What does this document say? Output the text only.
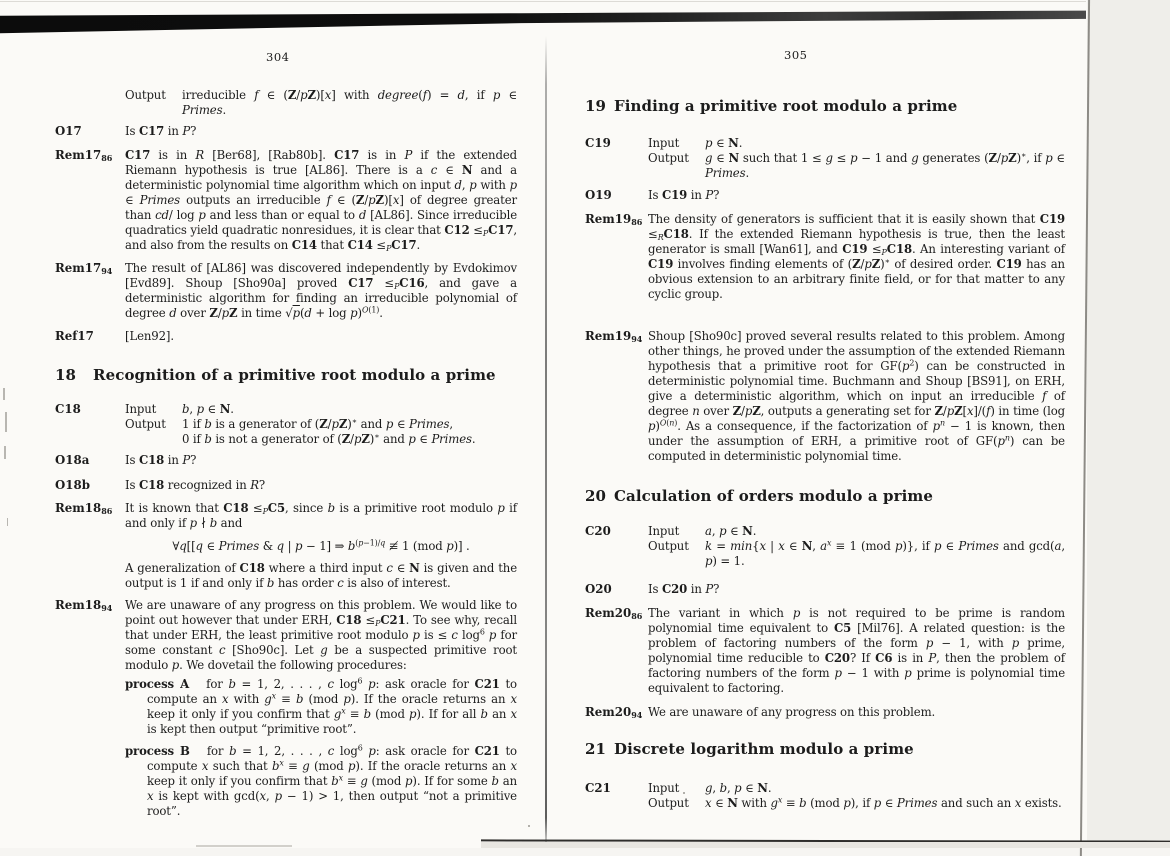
304
Output	irreducible f ∈ (Z/pZ)[x] with degree(f) = d, if p ∈ Primes.
O17	Is C17 in P?
$Rem17_{86}$	C17 is in R [Ber68], [Rab80b]. C17 is in P if the extended Riemann hypothesis is true [AL86]. There is a c ∈ N and a deterministic polynomial time algorithm which on input d, p with p ∈ Primes outputs an irreducible f ∈ (Z/pZ)[x] of degree greater than cd/ log p and less than or equal to d [AL86]. Since irreducible quadratics yield quadratic nonresidues, it is clear that $C12 \le_PC17$, and also from the results on C14 that $C14 \le_PC17$.
$Rem17_{94}$	The result of [AL86] was discovered independently by Evdokimov [Evd89]. Shoup [Sho90a] proved $C17 \le_PC16$, and gave a deterministic algorithm for finding an irreducible polynomial of degree d over Z/pZ in time $√p(d + \log p)^{O(1)}$.
Ref17	[Len92].
18 Recognition of a primitive root modulo a prime
C18	Input	b, p ∈ N.
Output	1 if b is a generator of (Z/pZ)∗ and p ∈ Primes,
0 if b is not a generator of (Z/pZ)∗ and p ∈ Primes.
O18a	Is C18 in P?
O18b	Is C18 recognized in R?
$Rem18_{86}$	It is known that $C18 \le_PC5$, since b is a primitive root modulo p if and only if p ∤ b and

∀q[[q ∈ Primes & q | p − 1] ⇒ $b^{(p-1)/q}$ ≢ 1 (mod p)] .

A generalization of C18 where a third input c ∈ N is given and the output is 1 if and only if b has order c is also of interest.

$Rem18_{94}$	We are unaware of any progress on this problem. We would like to point out however that under ERH, $C18 \le_PC21$. To see why, recall that under ERH, the least primitive root modulo p is ≤ c $\log^6 p$ for some constant c [Sho90c]. Let g be a suspected primitive root modulo p. We dovetail the following procedures:

process A   for b = 1, 2, . . . , c $\log^6 p$: ask oracle for C21 to compute an x with $g^x \equiv b$ (mod p). If the oracle returns an x keep it only if you confirm that $g^x \equiv b$ (mod p). If for all b an x is kept then output “primitive root”.

process B   for b = 1, 2, . . . , c $\log^6 p$: ask oracle for C21 to compute x such that $b^x \equiv g$ (mod p). If the oracle returns an x keep it only if you confirm that $b^x \equiv g$ (mod p). If for some b an x is kept with gcd(x, p − 1) > 1, then output “not a primitive root”.

305
19 Finding a primitive root modulo a prime
C19	Input	p ∈ N.
Output	g ∈ N such that 1 ≤ g ≤ p − 1 and g generates (Z/pZ)∗, if p ∈ Primes.
O19	Is C19 in P?
$Rem19_{86}$ The density of generators is sufficient that it is easily shown that $C19 \le_RC18$. If the extended Riemann hypothesis is true, then the least generator is small [Wan61], and $C19 \le_PC18$. An interesting variant of C19 involves finding elements of (Z/pZ)∗ of desired order. C19 has an obvious extension to an arbitrary finite field, or for that matter to any cyclic group.
$Rem19_{94}$ Shoup [Sho90c] proved several results related to this problem. Among other things, he proved under the assumption of the extended Riemann hypothesis that a primitive root for $GF(p^2)$ can be constructed in deterministic polynomial time. Buchmann and Shoup [BS91], on ERH, give a deterministic algorithm, which on input an irreducible f of degree n over Z/pZ, outputs a generating set for Z/pZ[x]/(f) in time (log p)$^{O(n)}$. As a consequence, if the factorization of $p^n - 1$ is known, then under the assumption of ERH, a primitive root of $GF(p^n)$ can be computed in deterministic polynomial time.
20 Calculation of orders modulo a prime
C20	Input	a, p ∈ N.
Output	k = min{x | x ∈ N, $a^x \equiv 1$ (mod p)}, if p ∈ Primes and gcd(a, p) = 1.
O20	Is C20 in P?
$Rem20_{86}$ The variant in which p is not required to be prime is random polynomial time equivalent to C5 [Mil76]. A related question: is the problem of factoring numbers of the form p − 1, with p prime, polynomial time reducible to C20? If C6 is in P, then the problem of factoring numbers of the form p − 1 with p prime is polynomial time equivalent to factoring.
$Rem20_{94}$ We are unaware of any progress on this problem.
21 Discrete logarithm modulo a prime
C21	Input	g, b, p ∈ N.
Output	x ∈ N with $g^x \equiv b$ (mod p), if p ∈ Primes and such an x exists.
